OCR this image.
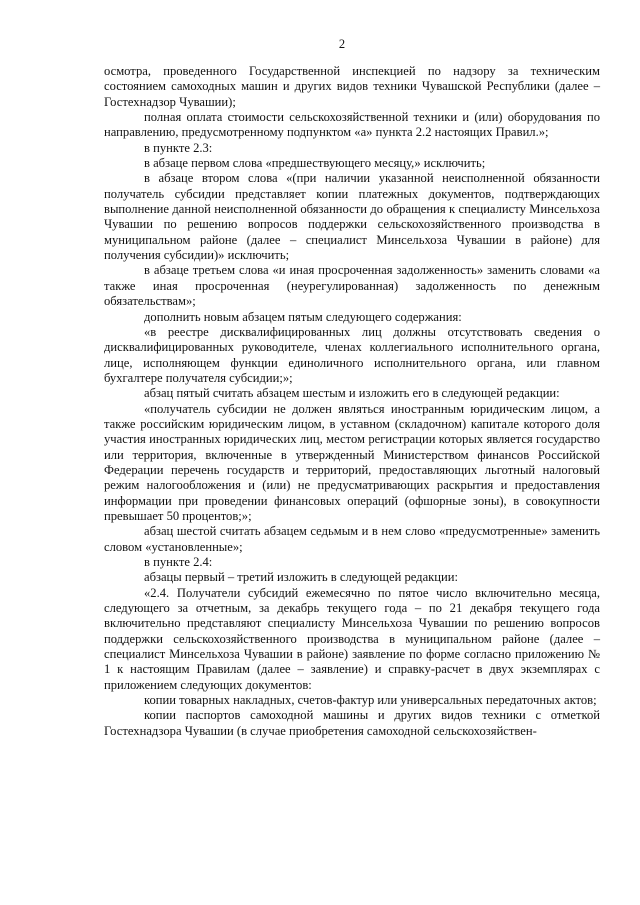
2

осмотра, проведенного Государственной инспекцией по надзору за техническим состоянием самоходных машин и других видов техники Чувашской Республики (далее – Гостехнадзор Чувашии);

полная оплата стоимости сельскохозяйственной техники и (или) оборудования по направлению, предусмотренному подпунктом «а» пункта 2.2 настоящих Правил.»;

в пункте 2.3:

в абзаце первом слова «предшествующего месяцу,» исключить;

в абзаце втором слова «(при наличии указанной неисполненной обязанности получатель субсидии представляет копии платежных документов, подтверждающих выполнение данной неисполненной обязанности до обращения к специалисту Минсельхоза Чувашии по решению вопросов поддержки сельскохозяйственного производства в муниципальном районе (далее – специалист Минсельхоза Чувашии в районе) для получения субсидии)» исключить;

в абзаце третьем слова «и иная просроченная задолженность» заменить словами «а также иная просроченная (неурегулированная) задолженность по денежным обязательствам»;

дополнить новым абзацем пятым следующего содержания:

«в реестре дисквалифицированных лиц должны отсутствовать сведения о дисквалифицированных руководителе, членах коллегиального исполнительного органа, лице, исполняющем функции единоличного исполнительного органа, или главном бухгалтере получателя субсидии;»;

абзац пятый считать абзацем шестым и изложить его в следующей редакции:

«получатель субсидии не должен являться иностранным юридическим лицом, а также российским юридическим лицом, в уставном (складочном) капитале которого доля участия иностранных юридических лиц, местом регистрации которых является государство или территория, включенные в утвержденный Министерством финансов Российской Федерации перечень государств и территорий, предоставляющих льготный налоговый режим налогообложения и (или) не предусматривающих раскрытия и предоставления информации при проведении финансовых операций (офшорные зоны), в совокупности превышает 50 процентов;»;

абзац шестой считать абзацем седьмым и в нем слово «предусмотренные» заменить словом «установленные»;

в пункте 2.4:

абзацы первый – третий изложить в следующей редакции:

«2.4. Получатели субсидий ежемесячно по пятое число включительно месяца, следующего за отчетным, за декабрь текущего года – по 21 декабря текущего года включительно представляют специалисту Минсельхоза Чувашии по решению вопросов поддержки сельскохозяйственного производства в муниципальном районе (далее – специалист Минсельхоза Чувашии в районе) заявление по форме согласно приложению № 1 к настоящим Правилам (далее – заявление) и справку-расчет в двух экземплярах с приложением следующих документов:

копии товарных накладных, счетов-фактур или универсальных передаточных актов;

копии паспортов самоходной машины и других видов техники с отметкой Гостехнадзора Чувашии (в случае приобретения самоходной сельскохозяйствен-
